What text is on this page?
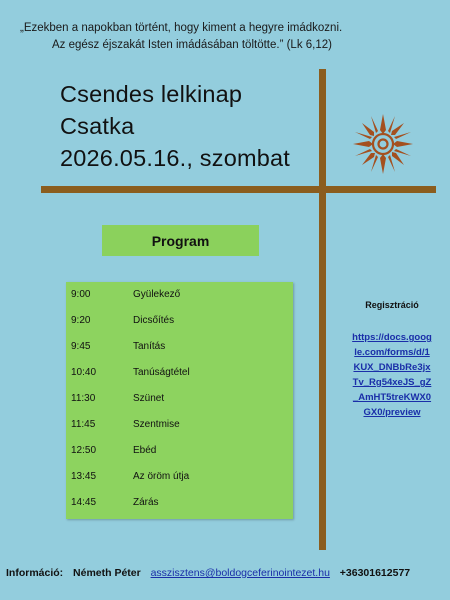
„Ezekben a napokban történt, hogy kiment a hegyre imádkozni.
Az egész éjszakát Isten imádásában töltötte.” (Lk 6,12)
Csendes lelkinap
Csatka
2026.05.16., szombat
Program
9:00	Gyülekező
9:20	Dicsőítés
9:45	Tanítás
10:40	Tanúságtétel
11:30	Szünet
11:45	Szentmise
12:50	Ebéd
13:45	Az öröm útja
14:45	Zárás
Regisztráció
https://docs.google.com/forms/d/1KUX_DNBbRe3jxTv_Rg54xeJS_gZ_AmHT5treKWX0GX0/preview
Információ: Németh Péter asszisztens@boldogceferinointezet.hu +36301612577
